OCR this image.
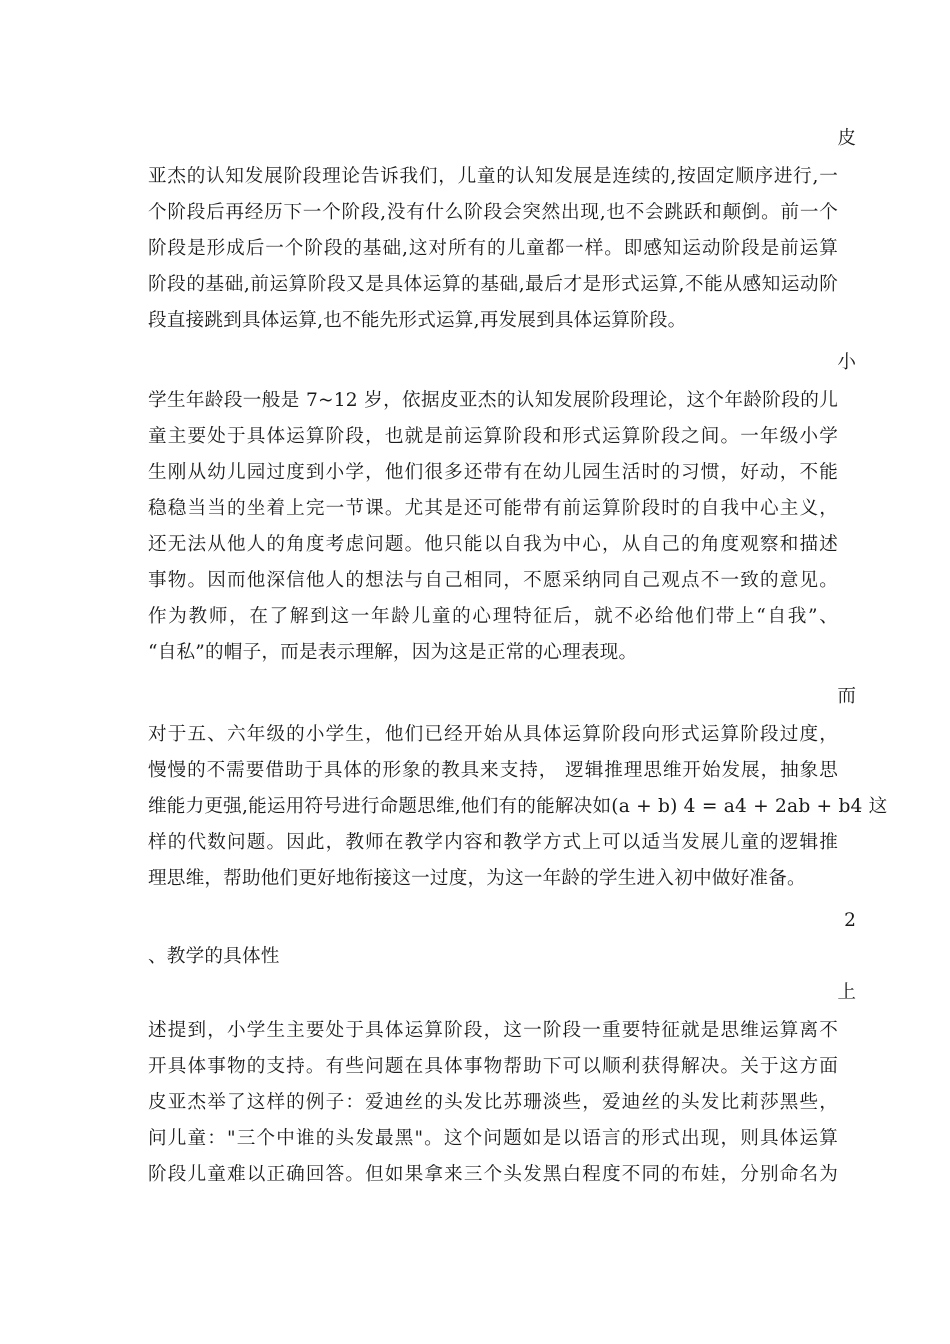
皮
亚杰的认知发展阶段理论告诉我们，儿童的认知发展是连续的,按固定顺序进行,一
个阶段后再经历下一个阶段,没有什么阶段会突然出现,也不会跳跃和颠倒。前一个
阶段是形成后一个阶段的基础,这对所有的儿童都一样。即感知运动阶段是前运算
阶段的基础,前运算阶段又是具体运算的基础,最后才是形式运算,不能从感知运动阶
段直接跳到具体运算,也不能先形式运算,再发展到具体运算阶段。
小
学生年龄段一般是 7~12 岁，依据皮亚杰的认知发展阶段理论，这个年龄阶段的儿
童主要处于具体运算阶段，也就是前运算阶段和形式运算阶段之间。一年级小学
生刚从幼儿园过度到小学，他们很多还带有在幼儿园生活时的习惯，好动，不能
稳稳当当的坐着上完一节课。尤其是还可能带有前运算阶段时的自我中心主义，
还无法从他人的角度考虑问题。他只能以自我为中心，从自己的角度观察和描述
事物。因而他深信他人的想法与自己相同，不愿采纳同自己观点不一致的意见。
作为教师，在了解到这一年龄儿童的心理特征后，就不必给他们带上“自我”、
“自私”的帽子，而是表示理解，因为这是正常的心理表现。
而
对于五、六年级的小学生，他们已经开始从具体运算阶段向形式运算阶段过度，
慢慢的不需要借助于具体的形象的教具来支持， 逻辑推理思维开始发展，抽象思
维能力更强,能运用符号进行命题思维,他们有的能解决如(a + b) 4 = a4 + 2ab + b4 这
样的代数问题。因此，教师在教学内容和教学方式上可以适当发展儿童的逻辑推
理思维，帮助他们更好地衔接这一过度，为这一年龄的学生进入初中做好准备。
2
、教学的具体性
上
述提到，小学生主要处于具体运算阶段，这一阶段一重要特征就是思维运算离不
开具体事物的支持。有些问题在具体事物帮助下可以顺利获得解决。关于这方面
皮亚杰举了这样的例子：爱迪丝的头发比苏珊淡些，爱迪丝的头发比莉莎黑些，
问儿童："三个中谁的头发最黑"。这个问题如是以语言的形式出现，则具体运算
阶段儿童难以正确回答。但如果拿来三个头发黑白程度不同的布娃，分别命名为
